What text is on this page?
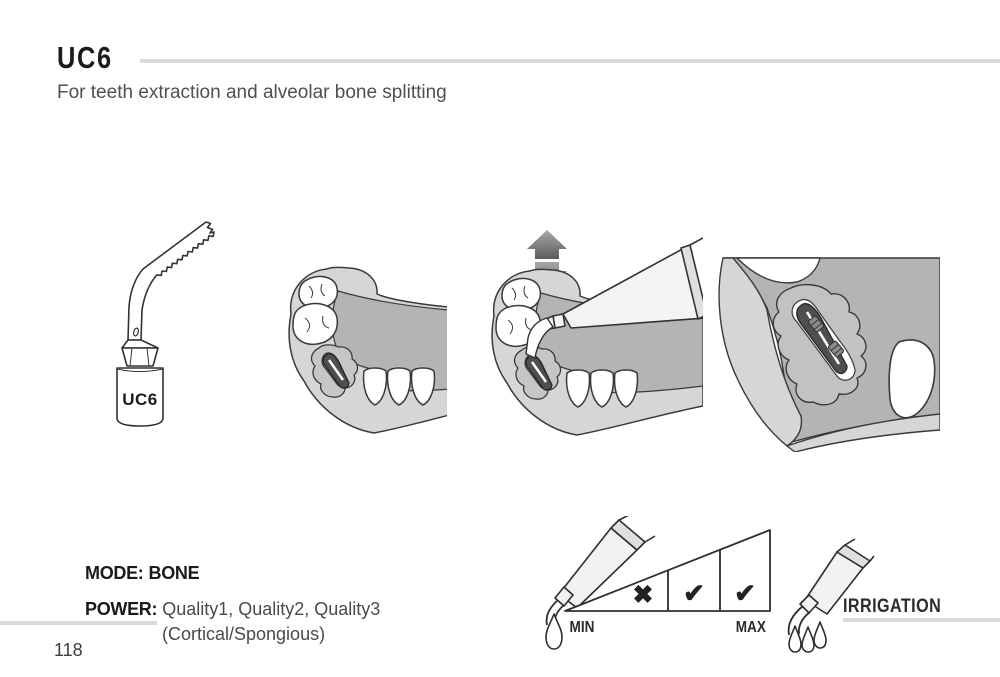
UC6
For teeth extraction and alveolar bone splitting
UC6
MODE: BONE
POWER: Quality1, Quality2, Quality3
(Cortical/Spongious)
118
✖ ✔ ✔
MIN	MAX
IRRIGATION
